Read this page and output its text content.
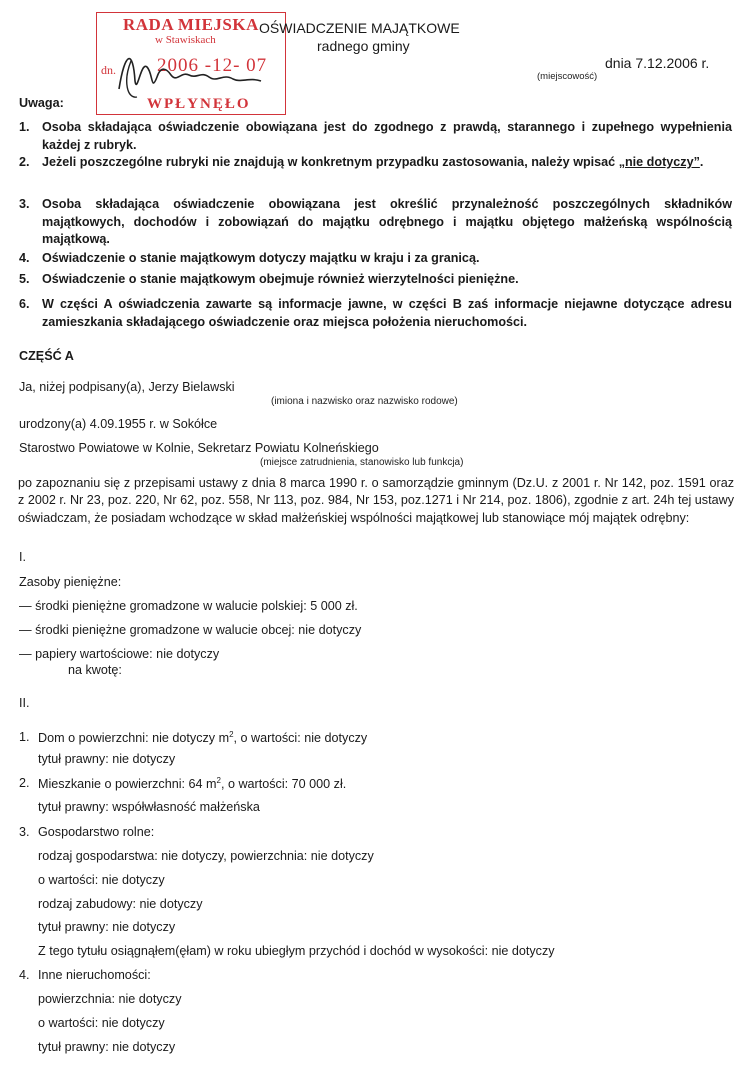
RADA MIEJSKA
w Stawiskach
dn. 2006 -12- 07
WPŁYNĘŁO
OŚWIADCZENIE MAJĄTKOWE
radnego gminy
dnia 7.12.2006 r.
(miejscowość)
Uwaga:
1. Osoba składająca oświadczenie obowiązana jest do zgodnego z prawdą, starannego i zupełnego wypełnienia każdej z rubryk.
2. Jeżeli poszczególne rubryki nie znajdują w konkretnym przypadku zastosowania, należy wpisać „nie dotyczy”.
3. Osoba składająca oświadczenie obowiązana jest określić przynależność poszczególnych składników majątkowych, dochodów i zobowiązań do majątku odrębnego i majątku objętego małżeńską wspólnością majątkową.
4. Oświadczenie o stanie majątkowym dotyczy majątku w kraju i za granicą.
5. Oświadczenie o stanie majątkowym obejmuje również wierzytelności pieniężne.
6. W części A oświadczenia zawarte są informacje jawne, w części B zaś informacje niejawne dotyczące adresu zamieszkania składającego oświadczenie oraz miejsca położenia nieruchomości.
CZĘŚĆ A
Ja, niżej podpisany(a), Jerzy Bielawski
(imiona i nazwisko oraz nazwisko rodowe)
urodzony(a) 4.09.1955 r. w Sokółce
Starostwo Powiatowe w Kolnie, Sekretarz Powiatu Kolneńskiego
(miejsce zatrudnienia, stanowisko lub funkcja)
po zapoznaniu się z przepisami ustawy z dnia 8 marca 1990 r. o samorządzie gminnym (Dz.U. z 2001 r. Nr 142, poz. 1591 oraz z 2002 r. Nr 23, poz. 220, Nr 62, poz. 558, Nr 113, poz. 984, Nr 153, poz.1271 i Nr 214, poz. 1806), zgodnie z art. 24h tej ustawy oświadczam, że posiadam wchodzące w skład małżeńskiej wspólności majątkowej lub stanowiące mój majątek odrębny:
I.
Zasoby pieniężne:
— środki pieniężne gromadzone w walucie polskiej: 5 000 zł.
— środki pieniężne gromadzone w walucie obcej: nie dotyczy
— papiery wartościowe: nie dotyczy
na kwotę:
II.
1. Dom o powierzchni: nie dotyczy $m^2$, o wartości: nie dotyczy
tytuł prawny: nie dotyczy
2. Mieszkanie o powierzchni: 64 $m^2$, o wartości: 70 000 zł.
tytuł prawny: współwłasność małżeńska
3. Gospodarstwo rolne:
rodzaj gospodarstwa: nie dotyczy, powierzchnia: nie dotyczy
o wartości: nie dotyczy
rodzaj zabudowy: nie dotyczy
tytuł prawny: nie dotyczy
Z tego tytułu osiągnąłem(ęłam) w roku ubiegłym przychód i dochód w wysokości: nie dotyczy
4. Inne nieruchomości:
powierzchnia: nie dotyczy
o wartości: nie dotyczy
tytuł prawny: nie dotyczy
